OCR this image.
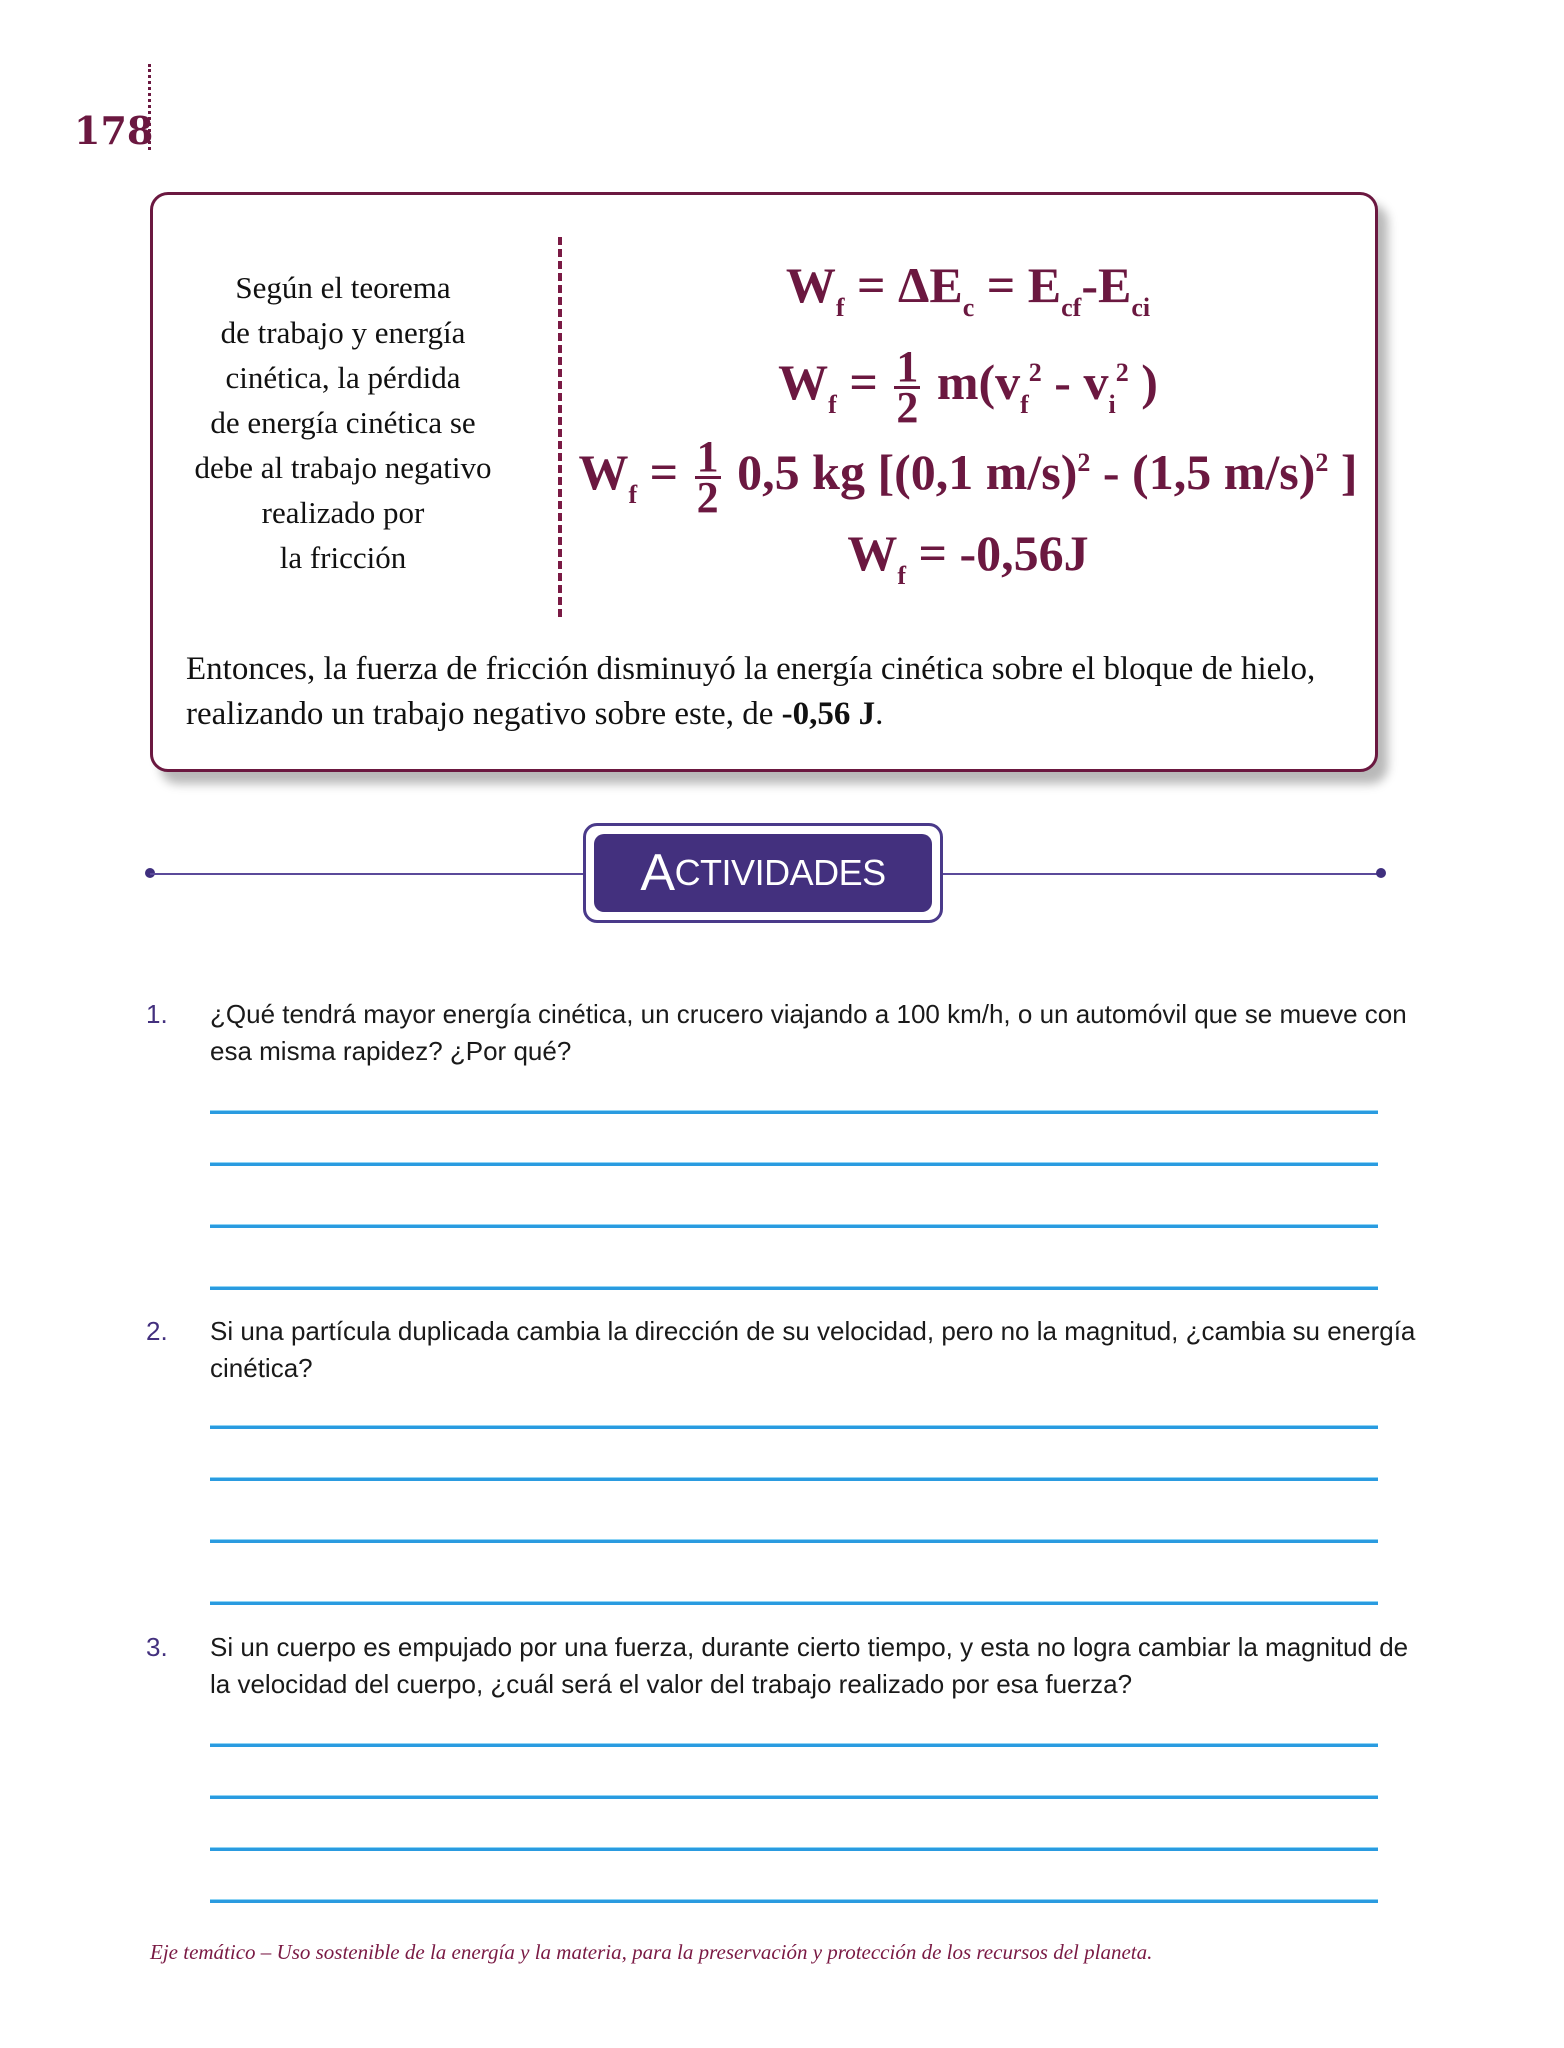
178
Según el teorema
de trabajo y energía
cinética, la pérdida
de energía cinética se
debe al trabajo negativo
realizado por
la fricción
$W_f = \Delta E_c = E_{cf}-E_{ci}$
$W_f = \frac{1}{2} m(v_f^2 - v_i^2$ )
$W_f = \frac{1}{2} 0,5$ kg [(0,1 m/s)$^2$ - (1,5 m/s)$^2$ ]
$W_f = -0,56J$
Entonces, la fuerza de fricción disminuyó la energía cinética sobre el bloque de hielo,
realizando un trabajo negativo sobre este, de -0,56 J.
A CTIVIDADES
1. ¿Qué tendrá mayor energía cinética, un crucero viajando a 100 km/h, o un automóvil que se mueve con esa misma rapidez? ¿Por qué?
2. Si una partícula duplicada cambia la dirección de su velocidad, pero no la magnitud, ¿cambia su energía cinética?
3. Si un cuerpo es empujado por una fuerza, durante cierto tiempo, y esta no logra cambiar la magnitud de la velocidad del cuerpo, ¿cuál será el valor del trabajo realizado por esa fuerza?
Eje temático – Uso sostenible de la energía y la materia, para la preservación y protección de los recursos del planeta.
